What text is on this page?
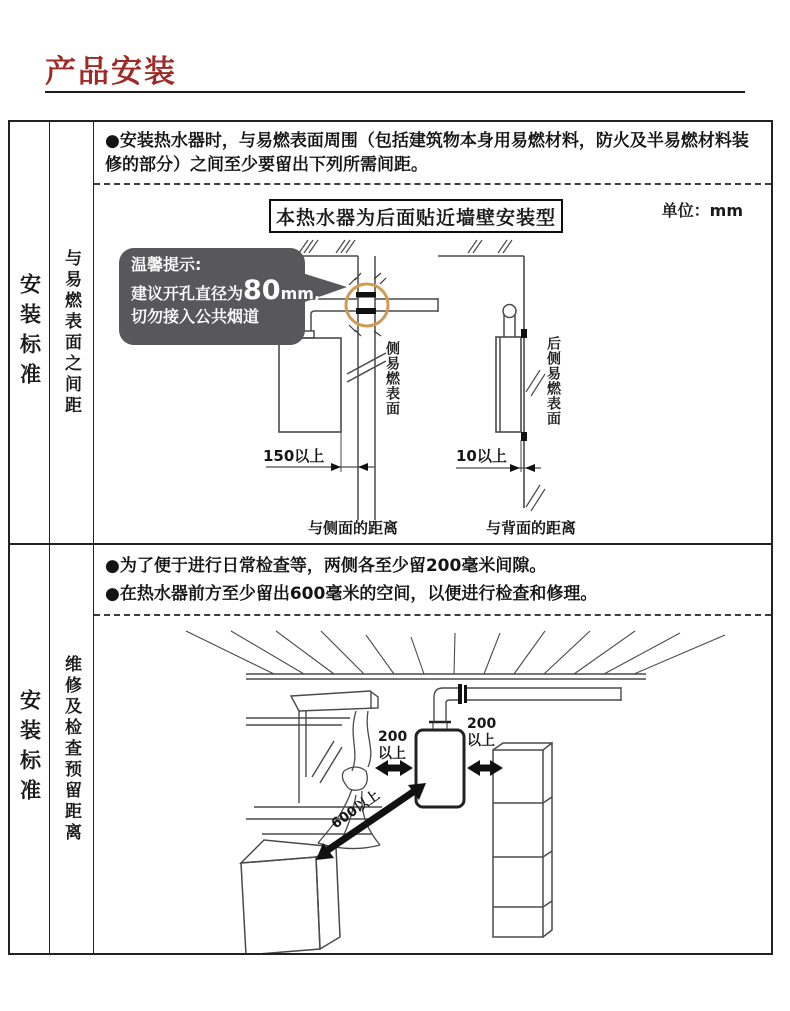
产品安装
安装标准 与易燃表面之间距
●安装热水器时，与易燃表面周围（包括建筑物本身用易燃材料，防火及半易燃材料装修的部分）之间至少要留出下列所需间距。
单位：mm
本热水器为后面贴近墙壁安装型
150以上
与侧面的距离
10以上
与背面的距离
侧易燃表面	后侧易燃表面
温馨提示:
建议开孔直径为80mm,
切勿接入公共烟道
安装标准 维修及检查预留距离
●为了便于进行日常检查等，两侧各至少留200毫米间隙。
●在热水器前方至少留出600毫米的空间，以便进行检查和修理。
200
以上
200
以上
600以上
